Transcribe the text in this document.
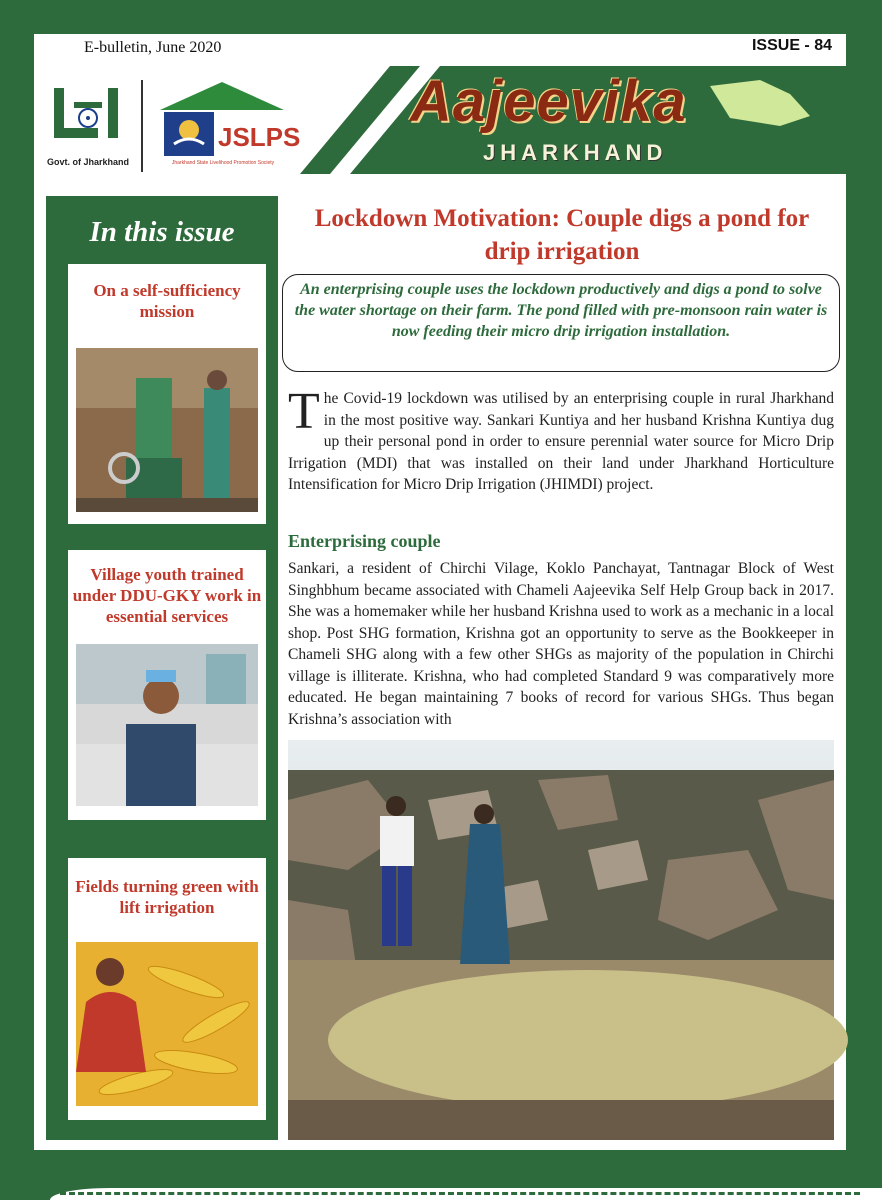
E-bulletin, June 2020	ISSUE - 84
Govt. of Jharkhand
JSLPS
Jharkhand State Livelihood Promotion Society
Aajeevika
JHARKHAND
In this issue
On a self-sufficiency mission
Village youth trained under DDU-GKY work in essential services
Fields turning green with lift irrigation
Lockdown Motivation: Couple digs a pond for drip irrigation
An enterprising couple uses the lockdown productively and digs a pond to solve the water shortage on their farm. The pond filled with pre-monsoon rain water is now feeding their micro drip irrigation installation.
The Covid-19 lockdown was utilised by an enterprising couple in rural Jharkhand in the most positive way. Sankari Kuntiya and her husband Krishna Kuntiya dug up their personal pond in order to ensure perennial water source for Micro Drip Irrigation (MDI) that was installed on their land under Jharkhand Horticulture Intensification for Micro Drip Irrigation (JHIMDI) project.
Enterprising couple
Sankari, a resident of Chirchi Vilage, Koklo Panchayat, Tantnagar Block of West Singhbhum became associated with Chameli Aajeevika Self Help Group back in 2017. She was a homemaker while her husband Krishna used to work as a mechanic in a local shop. Post SHG formation, Krishna got an opportunity to serve as the Bookkeeper in Chameli SHG along with a few other SHGs as majority of the population in Chirchi village is illiterate. Krishna, who had completed Standard 9 was comparatively more educated. He began maintaining 7 books of record for various SHGs. Thus began Krishna’s association with
